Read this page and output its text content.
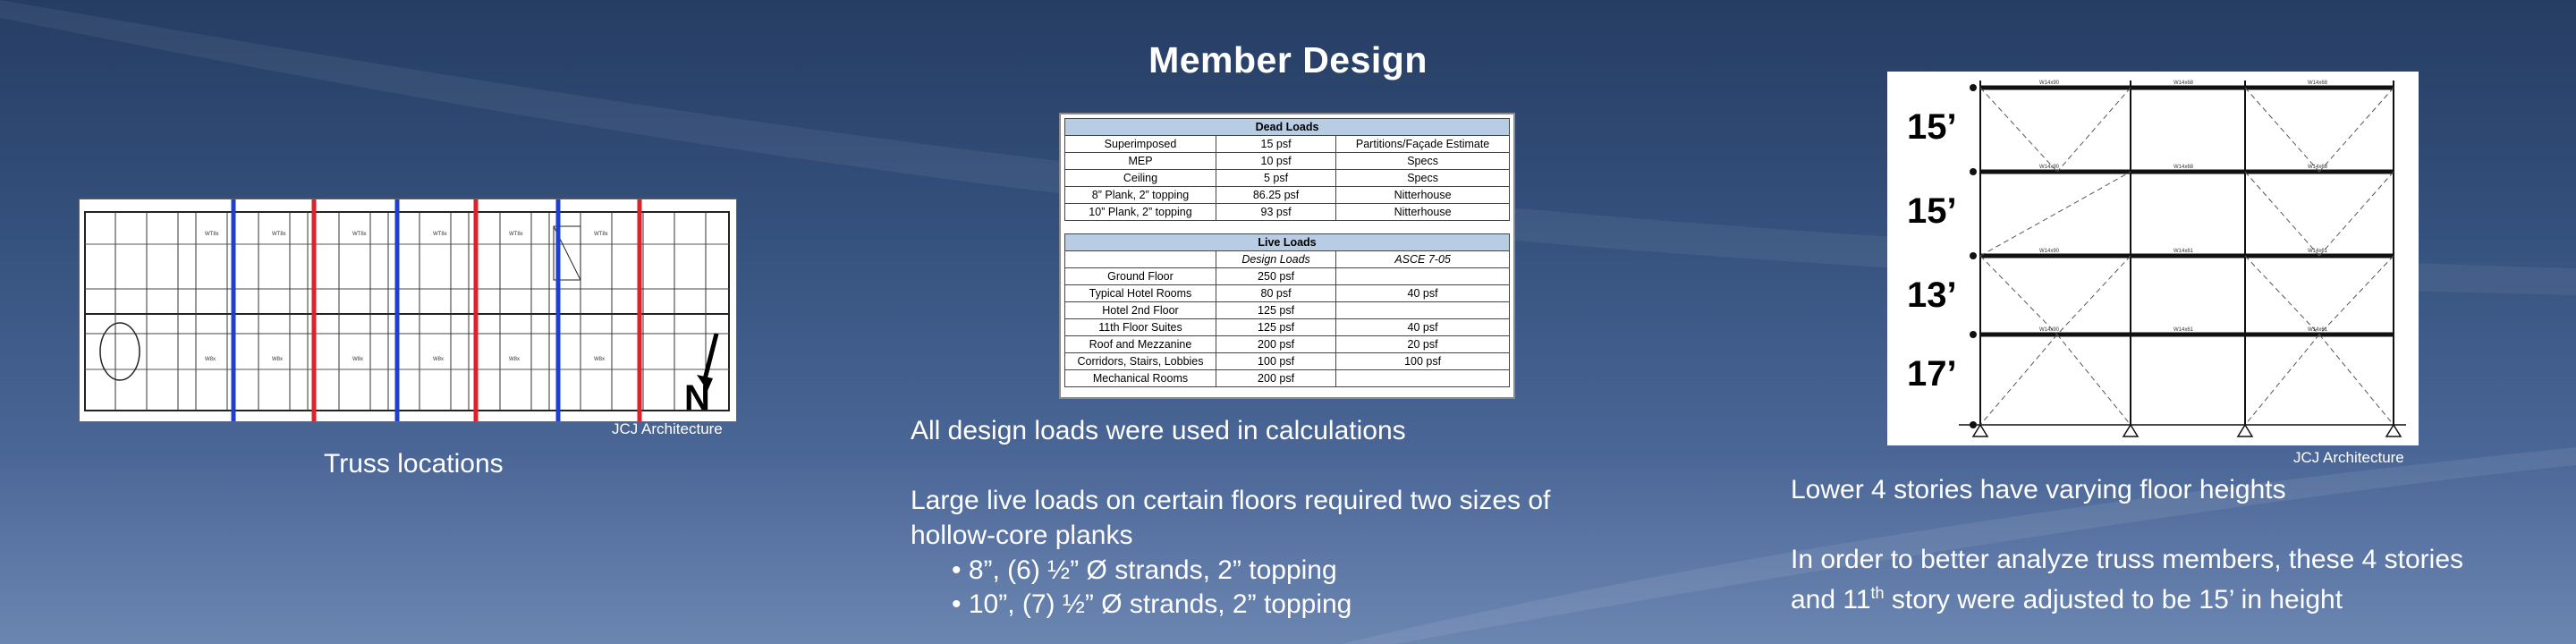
Member Design
WT8x	WT8x	WT8x	WT8x	WT8x	WT8x
W8x	W8x	W8x	W8x	W8x	W8x
N
JCJ Architecture
Truss locations
Dead Loads		
Superimposed	15 psf	Partitions/Façade Estimate
MEP	10 psf	Specs
Ceiling	5 psf	Specs
8” Plank, 2” topping	86.25 psf	Nitterhouse
10” Plank, 2” topping	93 psf	Nitterhouse
Live Loads		
	Design Loads	ASCE 7-05
Ground Floor	250 psf	
Typical Hotel Rooms	80 psf	40 psf
Hotel 2nd Floor	125 psf	
11th Floor Suites	125 psf	40 psf
Roof and Mezzanine	200 psf	20 psf
Corridors, Stairs, Lobbies	100 psf	100 psf
Mechanical Rooms	200 psf	
All design loads were used in calculations
Large live loads on certain floors required two sizes of hollow-core planks
• 8”, (6) ½” Ø strands, 2” topping
• 10”, (7) ½” Ø strands, 2” topping
W14x90	W14x68	W14x68
W14x90	W14x68	W14x68
W14x90	W14x61	W14x61
W14x90	W14x61	W14x61
15’
15’
13’
17’
JCJ Architecture
Lower 4 stories have varying floor heights
In order to better analyze truss members, these 4 stories
and 11th story were adjusted to be 15’ in height
